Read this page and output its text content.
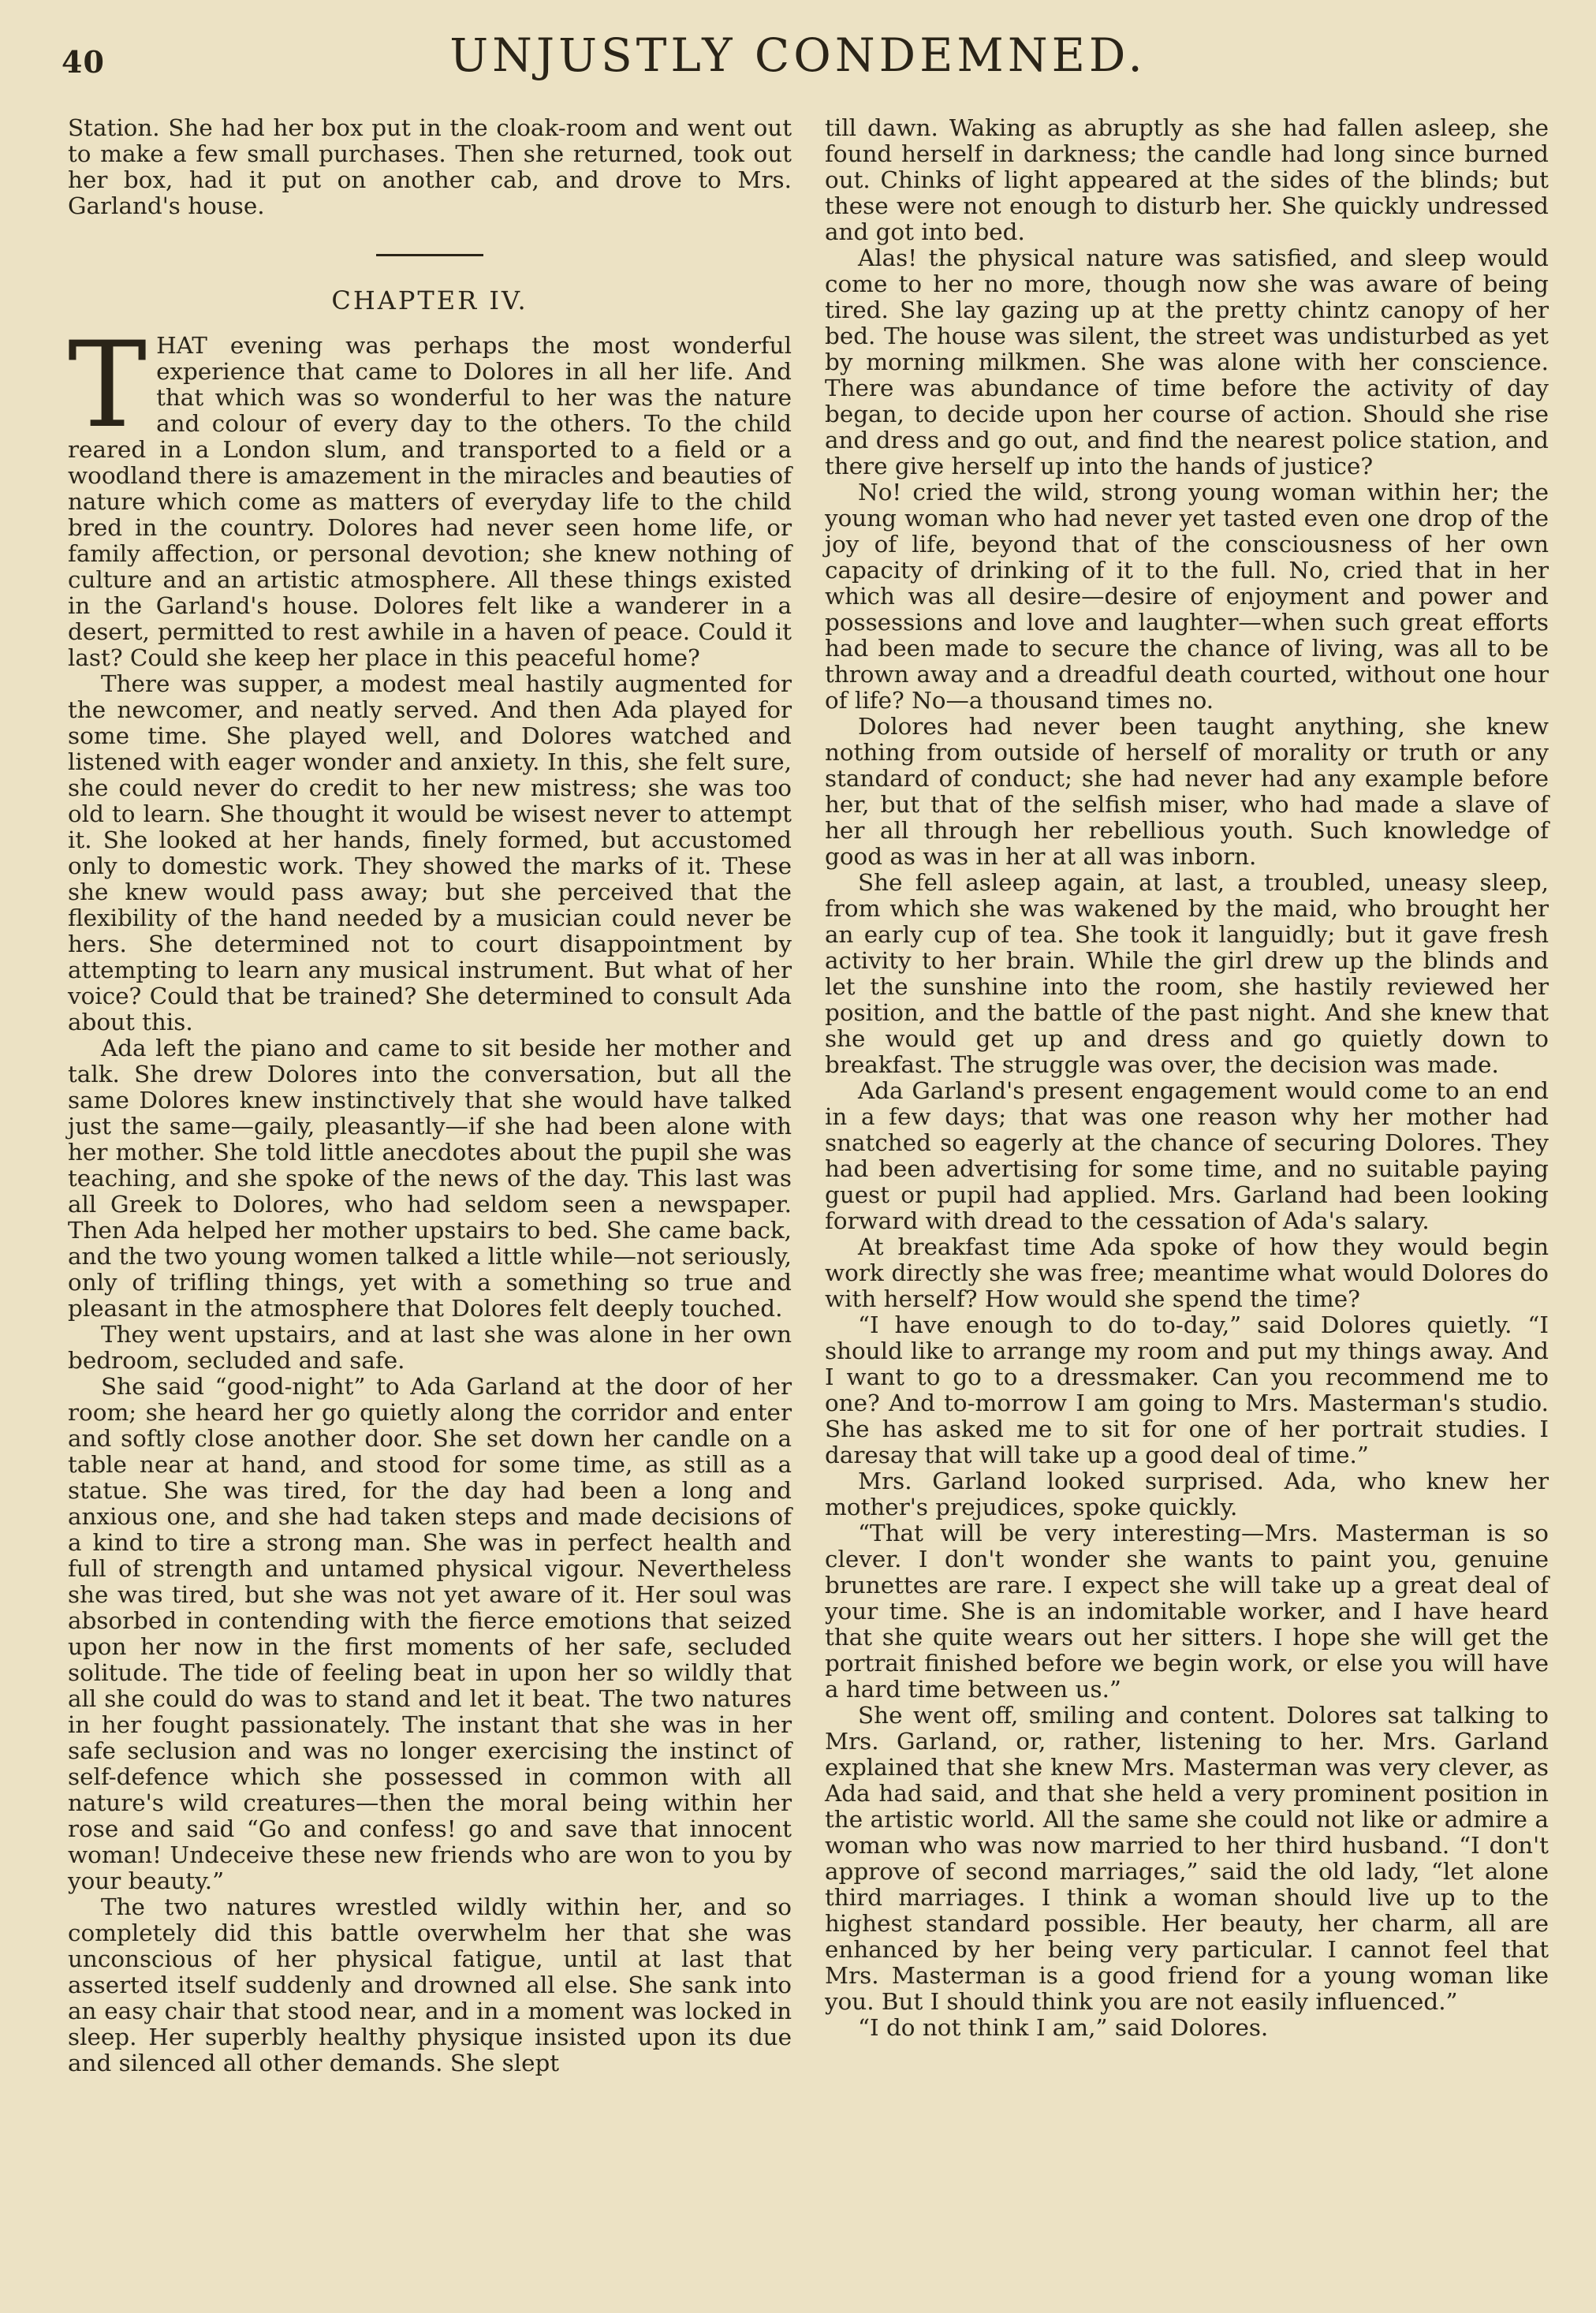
40	UNJUSTLY CONDEMNED.

Station. She had her box put in the cloak-room and went out to make a few small purchases. Then she returned, took out her box, had it put on another cab, and drove to Mrs. Garland's house.

CHAPTER IV.

THAT evening was perhaps the most wonderful experience that came to Dolores in all her life. And that which was so wonderful to her was the nature and colour of every day to the others. To the child reared in a London slum, and transported to a field or a woodland there is amazement in the miracles and beauties of nature which come as matters of everyday life to the child bred in the country. Dolores had never seen home life, or family affection, or personal devotion; she knew nothing of culture and an artistic atmosphere. All these things existed in the Garland's house. Dolores felt like a wanderer in a desert, permitted to rest awhile in a haven of peace. Could it last? Could she keep her place in this peaceful home?

There was supper, a modest meal hastily augmented for the newcomer, and neatly served. And then Ada played for some time. She played well, and Dolores watched and listened with eager wonder and anxiety. In this, she felt sure, she could never do credit to her new mistress; she was too old to learn. She thought it would be wisest never to attempt it. She looked at her hands, finely formed, but accustomed only to domestic work. They showed the marks of it. These she knew would pass away; but she perceived that the flexibility of the hand needed by a musician could never be hers. She determined not to court disappointment by attempting to learn any musical instrument. But what of her voice? Could that be trained? She determined to consult Ada about this.

Ada left the piano and came to sit beside her mother and talk. She drew Dolores into the conversation, but all the same Dolores knew instinctively that she would have talked just the same—gaily, pleasantly—if she had been alone with her mother. She told little anecdotes about the pupil she was teaching, and she spoke of the news of the day. This last was all Greek to Dolores, who had seldom seen a newspaper. Then Ada helped her mother upstairs to bed. She came back, and the two young women talked a little while—not seriously, only of trifling things, yet with a something so true and pleasant in the atmosphere that Dolores felt deeply touched.

They went upstairs, and at last she was alone in her own bedroom, secluded and safe.

She said “good-night” to Ada Garland at the door of her room; she heard her go quietly along the corridor and enter and softly close another door. She set down her candle on a table near at hand, and stood for some time, as still as a statue. She was tired, for the day had been a long and anxious one, and she had taken steps and made decisions of a kind to tire a strong man. She was in perfect health and full of strength and untamed physical vigour. Nevertheless she was tired, but she was not yet aware of it. Her soul was absorbed in contending with the fierce emotions that seized upon her now in the first moments of her safe, secluded solitude. The tide of feeling beat in upon her so wildly that all she could do was to stand and let it beat. The two natures in her fought passionately. The instant that she was in her safe seclusion and was no longer exercising the instinct of self-defence which she possessed in common with all nature's wild creatures—then the moral being within her rose and said “Go and confess! go and save that innocent woman! Undeceive these new friends who are won to you by your beauty.”

The two natures wrestled wildly within her, and so completely did this battle overwhelm her that she was unconscious of her physical fatigue, until at last that asserted itself suddenly and drowned all else. She sank into an easy chair that stood near, and in a moment was locked in sleep. Her superbly healthy physique insisted upon its due and silenced all other demands. She slept

till dawn. Waking as abruptly as she had fallen asleep, she found herself in darkness; the candle had long since burned out. Chinks of light appeared at the sides of the blinds; but these were not enough to disturb her. She quickly undressed and got into bed.

Alas! the physical nature was satisfied, and sleep would come to her no more, though now she was aware of being tired. She lay gazing up at the pretty chintz canopy of her bed. The house was silent, the street was undisturbed as yet by morning milkmen. She was alone with her conscience. There was abundance of time before the activity of day began, to decide upon her course of action. Should she rise and dress and go out, and find the nearest police station, and there give herself up into the hands of justice?

No! cried the wild, strong young woman within her; the young woman who had never yet tasted even one drop of the joy of life, beyond that of the consciousness of her own capacity of drinking of it to the full. No, cried that in her which was all desire—desire of enjoyment and power and possessions and love and laughter—when such great efforts had been made to secure the chance of living, was all to be thrown away and a dreadful death courted, without one hour of life? No—a thousand times no.

Dolores had never been taught anything, she knew nothing from outside of herself of morality or truth or any standard of conduct; she had never had any example before her, but that of the selfish miser, who had made a slave of her all through her rebellious youth. Such knowledge of good as was in her at all was inborn.

She fell asleep again, at last, a troubled, uneasy sleep, from which she was wakened by the maid, who brought her an early cup of tea. She took it languidly; but it gave fresh activity to her brain. While the girl drew up the blinds and let the sunshine into the room, she hastily reviewed her position, and the battle of the past night. And she knew that she would get up and dress and go quietly down to breakfast. The struggle was over, the decision was made.

Ada Garland's present engagement would come to an end in a few days; that was one reason why her mother had snatched so eagerly at the chance of securing Dolores. They had been advertising for some time, and no suitable paying guest or pupil had applied. Mrs. Garland had been looking forward with dread to the cessation of Ada's salary.

At breakfast time Ada spoke of how they would begin work directly she was free; meantime what would Dolores do with herself? How would she spend the time?

“I have enough to do to-day,” said Dolores quietly. “I should like to arrange my room and put my things away. And I want to go to a dressmaker. Can you recommend me to one? And to-morrow I am going to Mrs. Masterman's studio. She has asked me to sit for one of her portrait studies. I daresay that will take up a good deal of time.”

Mrs. Garland looked surprised. Ada, who knew her mother's prejudices, spoke quickly.

“That will be very interesting—Mrs. Masterman is so clever. I don't wonder she wants to paint you, genuine brunettes are rare. I expect she will take up a great deal of your time. She is an indomitable worker, and I have heard that she quite wears out her sitters. I hope she will get the portrait finished before we begin work, or else you will have a hard time between us.”

She went off, smiling and content. Dolores sat talking to Mrs. Garland, or, rather, listening to her. Mrs. Garland explained that she knew Mrs. Masterman was very clever, as Ada had said, and that she held a very prominent position in the artistic world. All the same she could not like or admire a woman who was now married to her third husband. “I don't approve of second marriages,” said the old lady, “let alone third marriages. I think a woman should live up to the highest standard possible. Her beauty, her charm, all are enhanced by her being very particular. I cannot feel that Mrs. Masterman is a good friend for a young woman like you. But I should think you are not easily influenced.”

“I do not think I am,” said Dolores.
